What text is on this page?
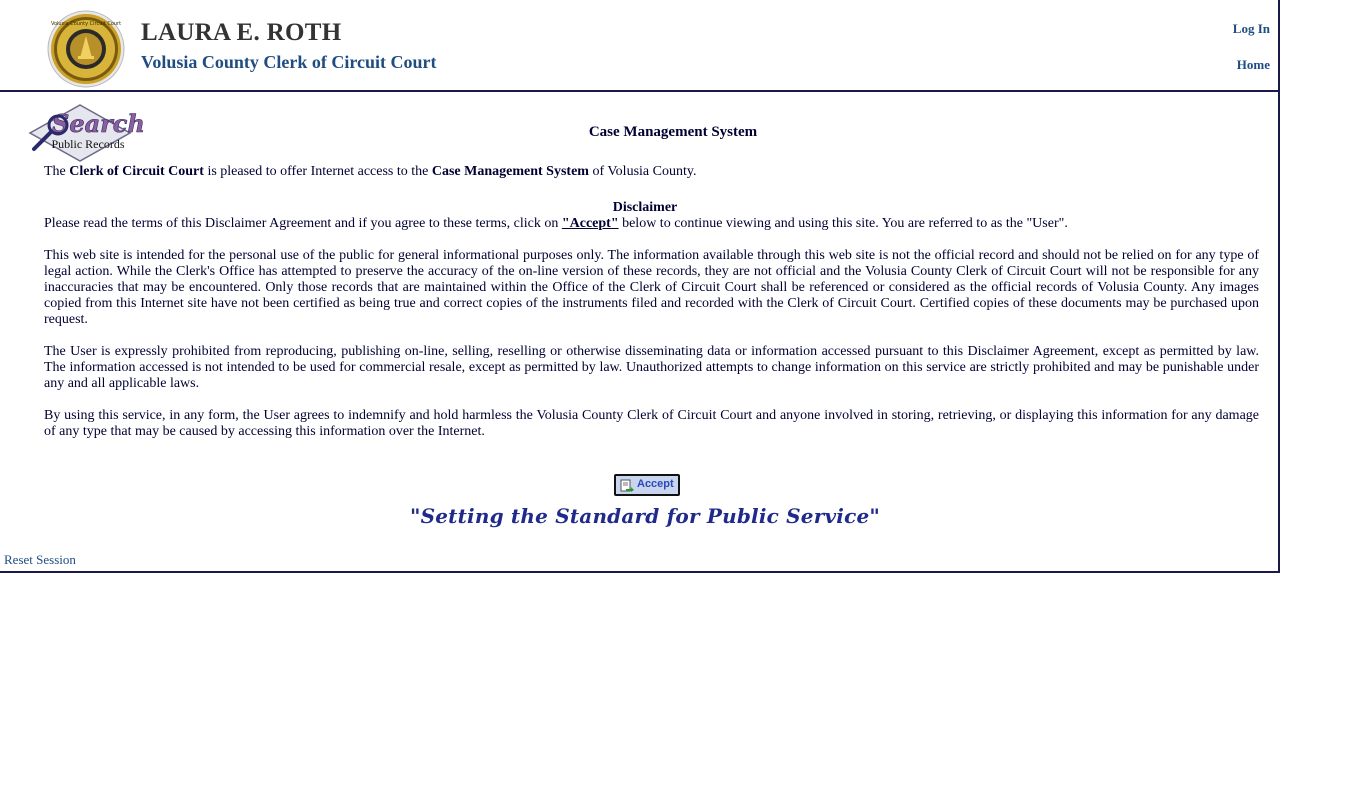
Volusia County Circuit Court LAURA E. ROTH
Volusia County Clerk of Circuit Court
Log In
Home
Search
Public Records
Case Management System
The Clerk of Circuit Court is pleased to offer Internet access to the Case Management System of Volusia County.
Disclaimer
Please read the terms of this Disclaimer Agreement and if you agree to these terms, click on "Accept" below to continue viewing and using this site. You are referred to as the "User".
This web site is intended for the personal use of the public for general informational purposes only. The information available through this web site is not the official record and should not be relied on for any type of legal action. While the Clerk's Office has attempted to preserve the accuracy of the on-line version of these records, they are not official and the Volusia County Clerk of Circuit Court will not be responsible for any inaccuracies that may be encountered. Only those records that are maintained within the Office of the Clerk of Circuit Court shall be referenced or considered as the official records of Volusia County. Any images copied from this Internet site have not been certified as being true and correct copies of the instruments filed and recorded with the Clerk of Circuit Court. Certified copies of these documents may be purchased upon request.
The User is expressly prohibited from reproducing, publishing on-line, selling, reselling or otherwise disseminating data or information accessed pursuant to this Disclaimer Agreement, except as permitted by law. The information accessed is not intended to be used for commercial resale, except as permitted by law. Unauthorized attempts to change information on this service are strictly prohibited and may be punishable under any and all applicable laws.
By using this service, in any form, the User agrees to indemnify and hold harmless the Volusia County Clerk of Circuit Court and anyone involved in storing, retrieving, or displaying this information for any damage of any type that may be caused by accessing this information over the Internet.
Accept
"Setting the Standard for Public Service"
Reset Session
